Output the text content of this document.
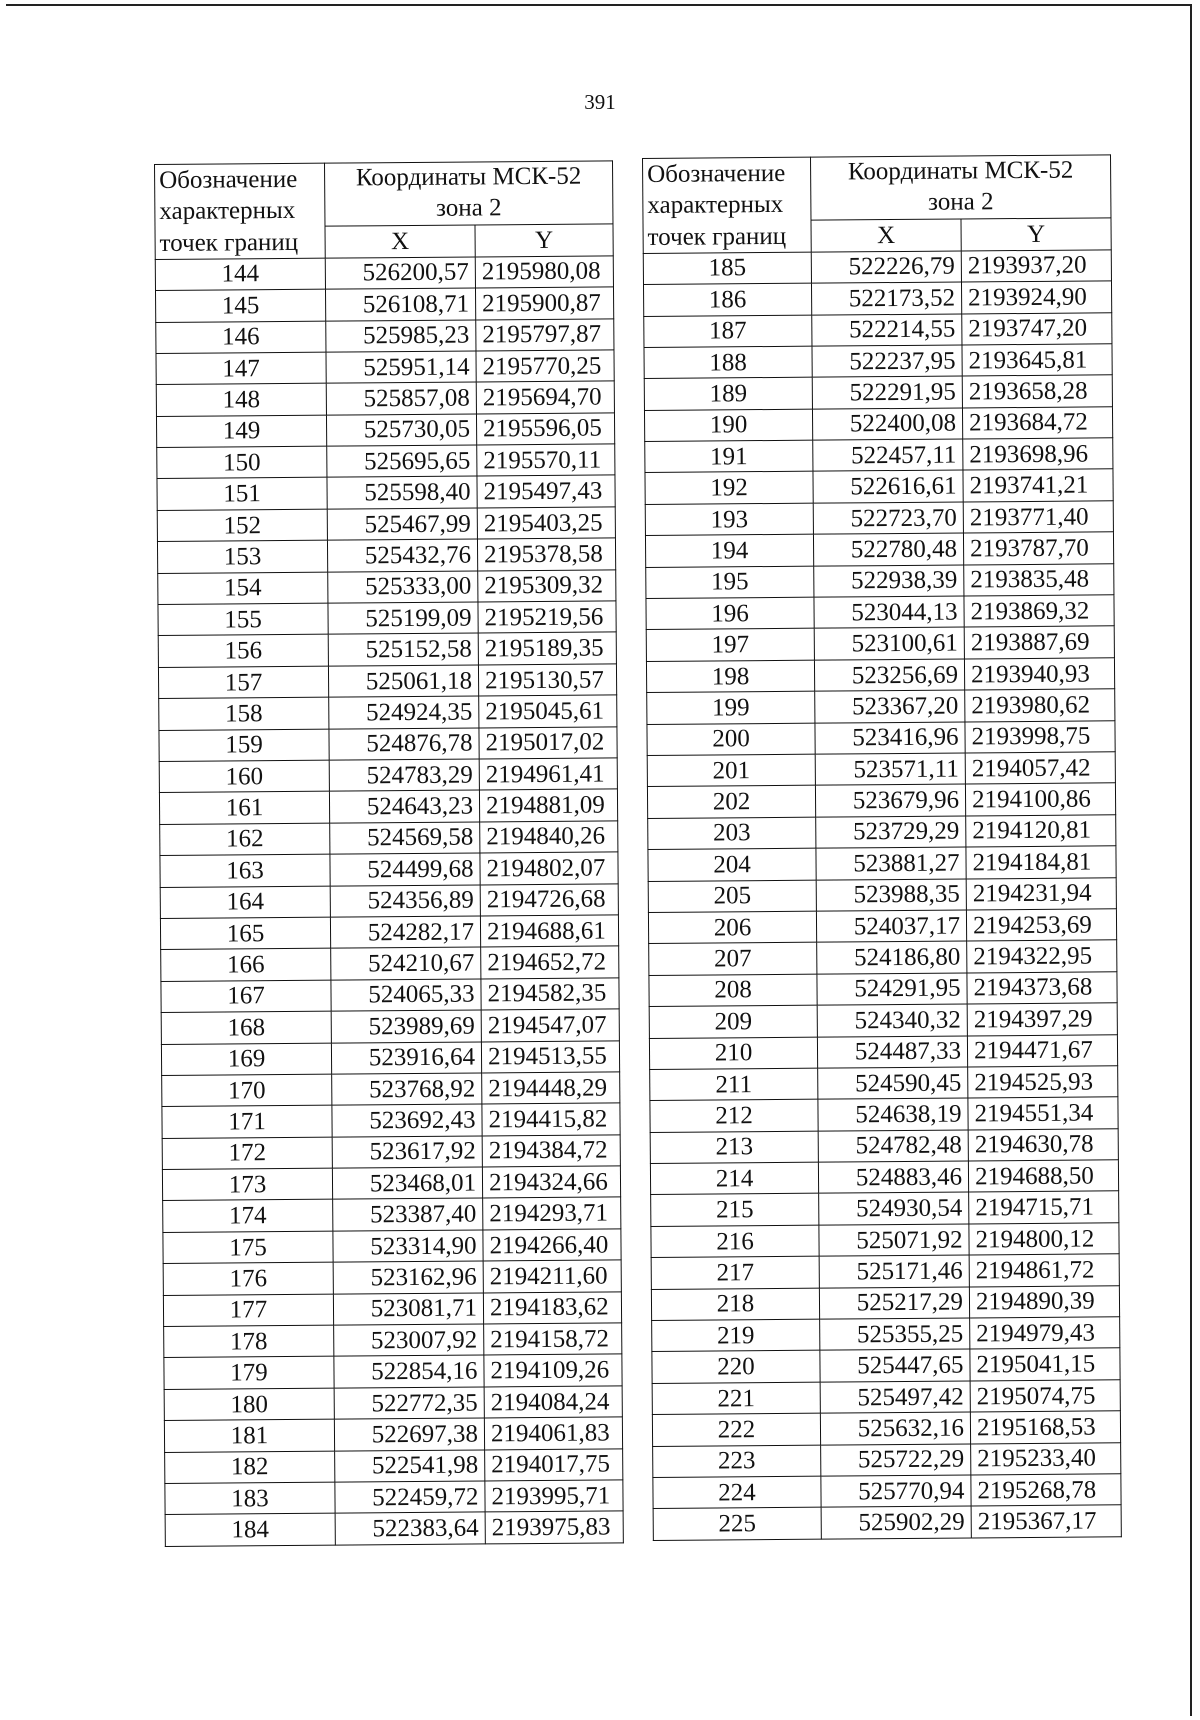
391
Обозначение
характерных
точек границ	Координаты МСК-52
зона 2	
	X	Y
144	526200,57	2195980,08
145	526108,71	2195900,87
146	525985,23	2195797,87
147	525951,14	2195770,25
148	525857,08	2195694,70
149	525730,05	2195596,05
150	525695,65	2195570,11
151	525598,40	2195497,43
152	525467,99	2195403,25
153	525432,76	2195378,58
154	525333,00	2195309,32
155	525199,09	2195219,56
156	525152,58	2195189,35
157	525061,18	2195130,57
158	524924,35	2195045,61
159	524876,78	2195017,02
160	524783,29	2194961,41
161	524643,23	2194881,09
162	524569,58	2194840,26
163	524499,68	2194802,07
164	524356,89	2194726,68
165	524282,17	2194688,61
166	524210,67	2194652,72
167	524065,33	2194582,35
168	523989,69	2194547,07
169	523916,64	2194513,55
170	523768,92	2194448,29
171	523692,43	2194415,82
172	523617,92	2194384,72
173	523468,01	2194324,66
174	523387,40	2194293,71
175	523314,90	2194266,40
176	523162,96	2194211,60
177	523081,71	2194183,62
178	523007,92	2194158,72
179	522854,16	2194109,26
180	522772,35	2194084,24
181	522697,38	2194061,83
182	522541,98	2194017,75
183	522459,72	2193995,71
184	522383,64	2193975,83
Обозначение
характерных
точек границ	Координаты МСК-52
зона 2	
	X	Y
185	522226,79	2193937,20
186	522173,52	2193924,90
187	522214,55	2193747,20
188	522237,95	2193645,81
189	522291,95	2193658,28
190	522400,08	2193684,72
191	522457,11	2193698,96
192	522616,61	2193741,21
193	522723,70	2193771,40
194	522780,48	2193787,70
195	522938,39	2193835,48
196	523044,13	2193869,32
197	523100,61	2193887,69
198	523256,69	2193940,93
199	523367,20	2193980,62
200	523416,96	2193998,75
201	523571,11	2194057,42
202	523679,96	2194100,86
203	523729,29	2194120,81
204	523881,27	2194184,81
205	523988,35	2194231,94
206	524037,17	2194253,69
207	524186,80	2194322,95
208	524291,95	2194373,68
209	524340,32	2194397,29
210	524487,33	2194471,67
211	524590,45	2194525,93
212	524638,19	2194551,34
213	524782,48	2194630,78
214	524883,46	2194688,50
215	524930,54	2194715,71
216	525071,92	2194800,12
217	525171,46	2194861,72
218	525217,29	2194890,39
219	525355,25	2194979,43
220	525447,65	2195041,15
221	525497,42	2195074,75
222	525632,16	2195168,53
223	525722,29	2195233,40
224	525770,94	2195268,78
225	525902,29	2195367,17
